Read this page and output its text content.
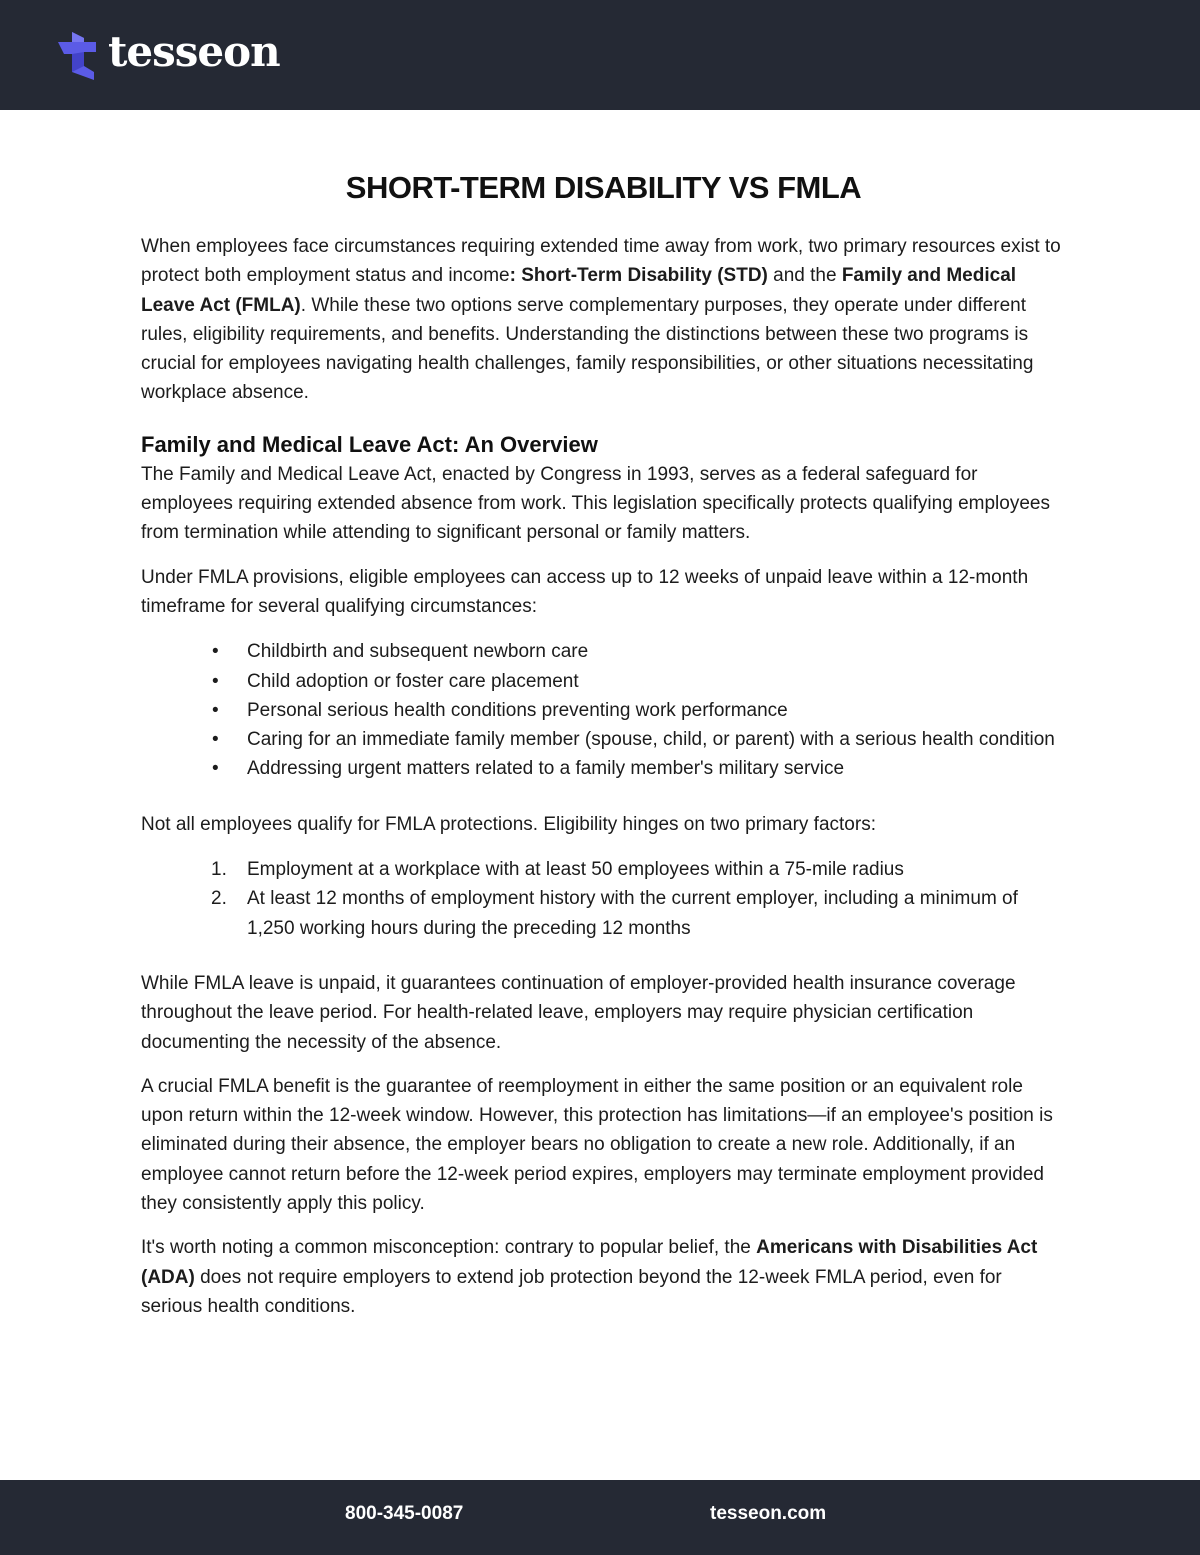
tesseon
SHORT-TERM DISABILITY VS FMLA

When employees face circumstances requiring extended time away from work, two primary resources exist to protect both employment status and income: Short-Term Disability (STD) and the Family and Medical Leave Act (FMLA). While these two options serve complementary purposes, they operate under different rules, eligibility requirements, and benefits. Understanding the distinctions between these two programs is crucial for employees navigating health challenges, family responsibilities, or other situations necessitating workplace absence.

Family and Medical Leave Act: An Overview

The Family and Medical Leave Act, enacted by Congress in 1993, serves as a federal safeguard for employees requiring extended absence from work. This legislation specifically protects qualifying employees from termination while attending to significant personal or family matters.

Under FMLA provisions, eligible employees can access up to 12 weeks of unpaid leave within a 12-month timeframe for several qualifying circumstances:

• Childbirth and subsequent newborn care
• Child adoption or foster care placement
• Personal serious health conditions preventing work performance
• Caring for an immediate family member (spouse, child, or parent) with a serious health condition
• Addressing urgent matters related to a family member's military service

Not all employees qualify for FMLA protections. Eligibility hinges on two primary factors:

1. Employment at a workplace with at least 50 employees within a 75-mile radius
2. At least 12 months of employment history with the current employer, including a minimum of 1,250 working hours during the preceding 12 months

While FMLA leave is unpaid, it guarantees continuation of employer-provided health insurance coverage throughout the leave period. For health-related leave, employers may require physician certification documenting the necessity of the absence.

A crucial FMLA benefit is the guarantee of reemployment in either the same position or an equivalent role upon return within the 12-week window. However, this protection has limitations—if an employee's position is eliminated during their absence, the employer bears no obligation to create a new role. Additionally, if an employee cannot return before the 12-week period expires, employers may terminate employment provided they consistently apply this policy.

It's worth noting a common misconception: contrary to popular belief, the Americans with Disabilities Act (ADA) does not require employers to extend job protection beyond the 12-week FMLA period, even for serious health conditions.

800-345-0087	tesseon.com
